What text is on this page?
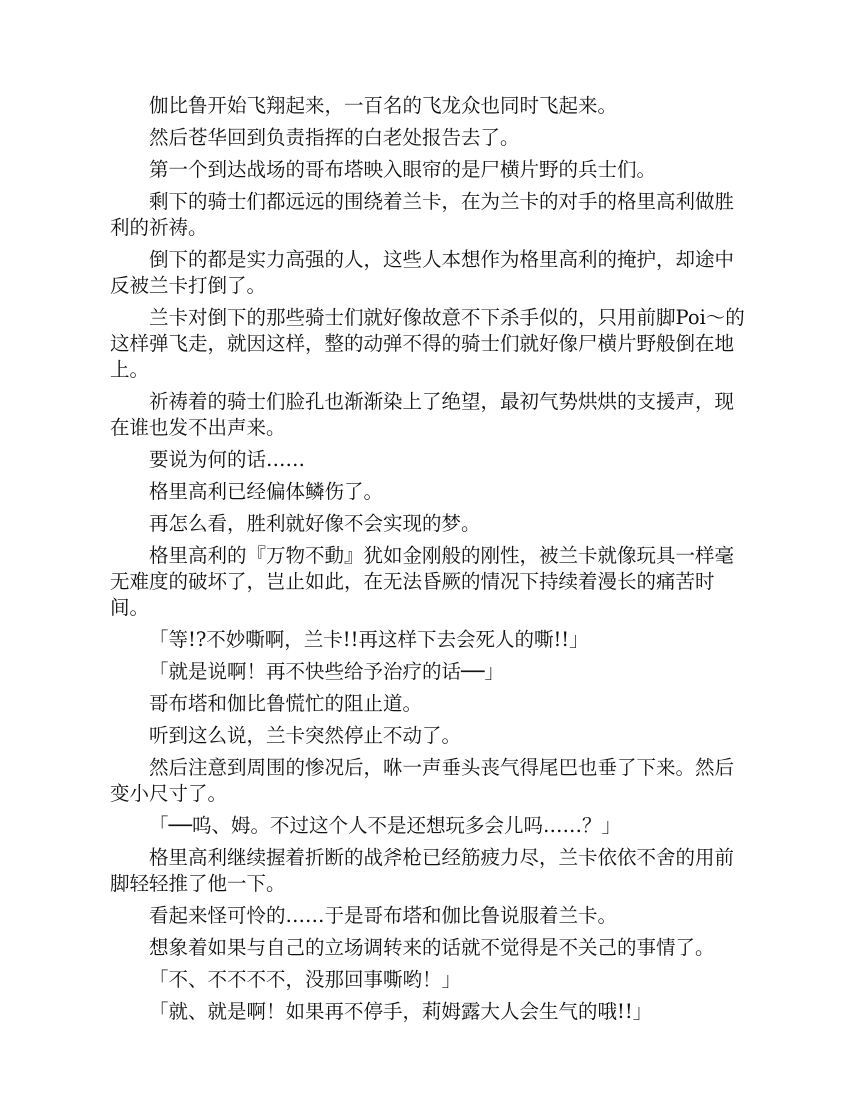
伽比鲁开始飞翔起来，一百名的飞龙众也同时飞起来。

然后苍华回到负责指挥的白老处报告去了。

第一个到达战场的哥布塔映入眼帘的是尸横片野的兵士们。

剩下的骑士们都远远的围绕着兰卡，在为兰卡的对手的格里高利做胜利的祈祷。

倒下的都是实力高强的人，这些人本想作为格里高利的掩护，却途中反被兰卡打倒了。

兰卡对倒下的那些骑士们就好像故意不下杀手似的，只用前脚Poi～的这样弹飞走，就因这样，整的动弹不得的骑士们就好像尸横片野般倒在地上。

祈祷着的骑士们脸孔也渐渐染上了绝望，最初气势烘烘的支援声，现在谁也发不出声来。

要说为何的话……

格里高利已经偏体鳞伤了。

再怎么看，胜利就好像不会实现的梦。

格里高利的『万物不動』犹如金刚般的刚性，被兰卡就像玩具一样毫无难度的破坏了，岂止如此，在无法昏厥的情况下持续着漫长的痛苦时间。

「等!?不妙嘶啊，兰卡!!再这样下去会死人的嘶!!」

「就是说啊！再不快些给予治疗的话──」

哥布塔和伽比鲁慌忙的阻止道。

听到这么说，兰卡突然停止不动了。

然后注意到周围的惨况后，咻一声垂头丧气得尾巴也垂了下来。然后变小尺寸了。

「──呜、姆。不过这个人不是还想玩多会儿吗……？」

格里高利继续握着折断的战斧枪已经筋疲力尽，兰卡依依不舍的用前脚轻轻推了他一下。

看起来怪可怜的……于是哥布塔和伽比鲁说服着兰卡。

想象着如果与自己的立场调转来的话就不觉得是不关己的事情了。

「不、不不不不，没那回事嘶哟！」

「就、就是啊！如果再不停手，莉姆露大人会生气的哦!!」
